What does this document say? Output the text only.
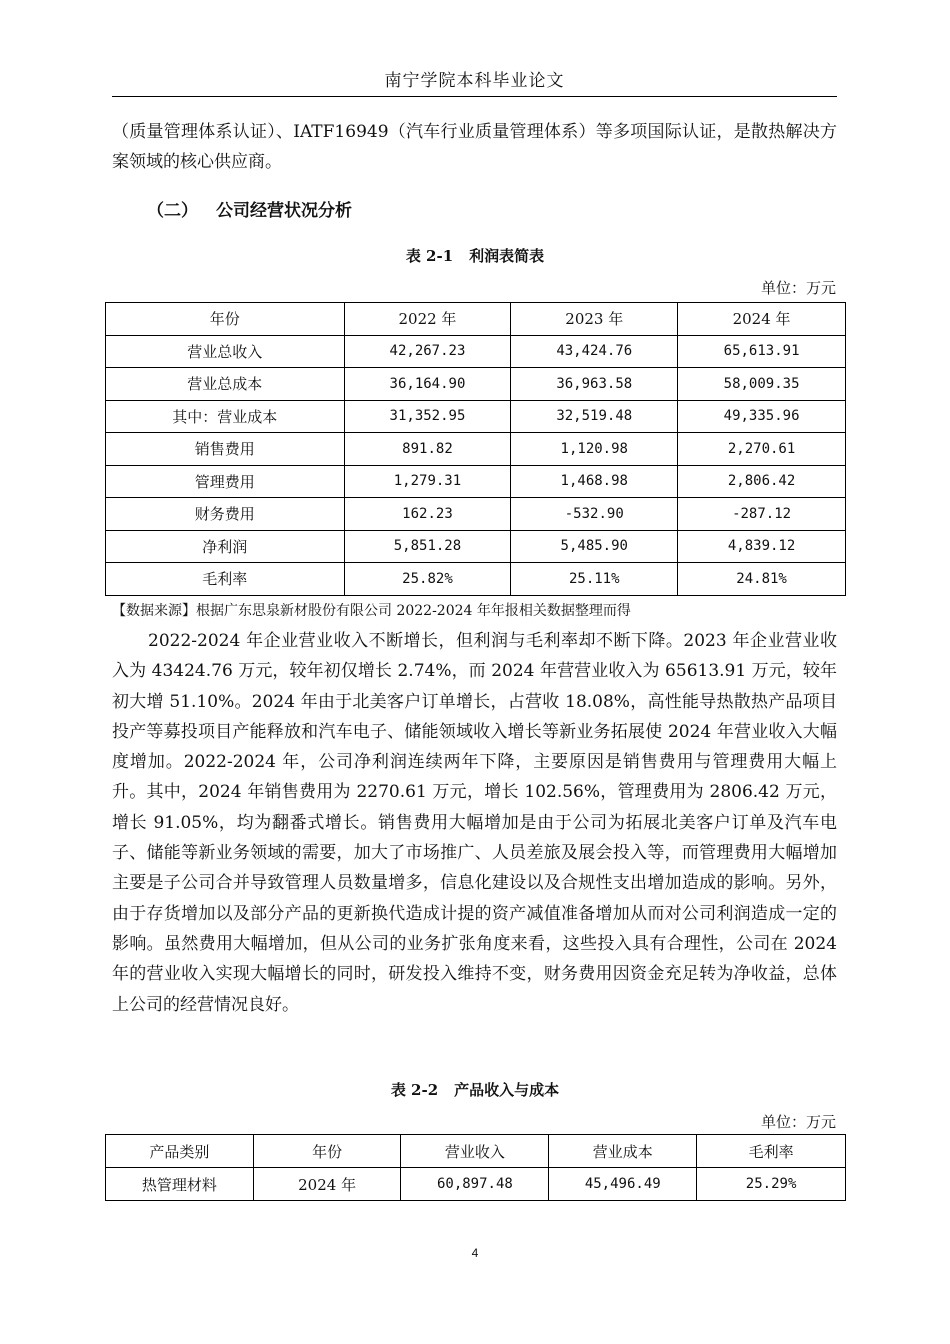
南宁学院本科毕业论文
（质量管理体系认证）、IATF16949（汽车行业质量管理体系）等多项国际认证，是散热解决方案领域的核心供应商。
（二） 公司经营状况分析
表 2-1 利润表简表
单位：万元
年份	2022 年	2023 年	2024 年
营业总收入	42,267.23	43,424.76	65,613.91
营业总成本	36,164.90	36,963.58	58,009.35
其中：营业成本	31,352.95	32,519.48	49,335.96
销售费用	891.82	1,120.98	2,270.61
管理费用	1,279.31	1,468.98	2,806.42
财务费用	162.23	-532.90	-287.12
净利润	5,851.28	5,485.90	4,839.12
毛利率	25.82%	25.11%	24.81%
【数据来源】根据广东思泉新材股份有限公司 2022-2024 年年报相关数据整理而得
2022-2024 年企业营业收入不断增长，但利润与毛利率却不断下降。2023 年企业营业收入为 43424.76 万元，较年初仅增长 2.74%，而 2024 年营营业收入为 65613.91 万元，较年初大增 51.10%。2024 年由于北美客户订单增长，占营收 18.08%，高性能导热散热产品项目投产等募投项目产能释放和汽车电子、储能领域收入增长等新业务拓展使 2024 年营业收入大幅度增加。2022-2024 年，公司净利润连续两年下降，主要原因是销售费用与管理费用大幅上升。其中，2024 年销售费用为 2270.61 万元，增长 102.56%，管理费用为 2806.42 万元，增长 91.05%，均为翻番式增长。销售费用大幅增加是由于公司为拓展北美客户订单及汽车电子、储能等新业务领域的需要，加大了市场推广、人员差旅及展会投入等，而管理费用大幅增加主要是子公司合并导致管理人员数量增多，信息化建设以及合规性支出增加造成的影响。另外，由于存货增加以及部分产品的更新换代造成计提的资产减值准备增加从而对公司利润造成一定的影响。虽然费用大幅增加，但从公司的业务扩张角度来看，这些投入具有合理性，公司在 2024 年的营业收入实现大幅增长的同时，研发投入维持不变，财务费用因资金充足转为净收益，总体上公司的经营情况良好。
表 2-2 产品收入与成本
单位：万元
产品类别	年份	营业收入	营业成本	毛利率
热管理材料	2024 年	60,897.48	45,496.49	25.29%
4
